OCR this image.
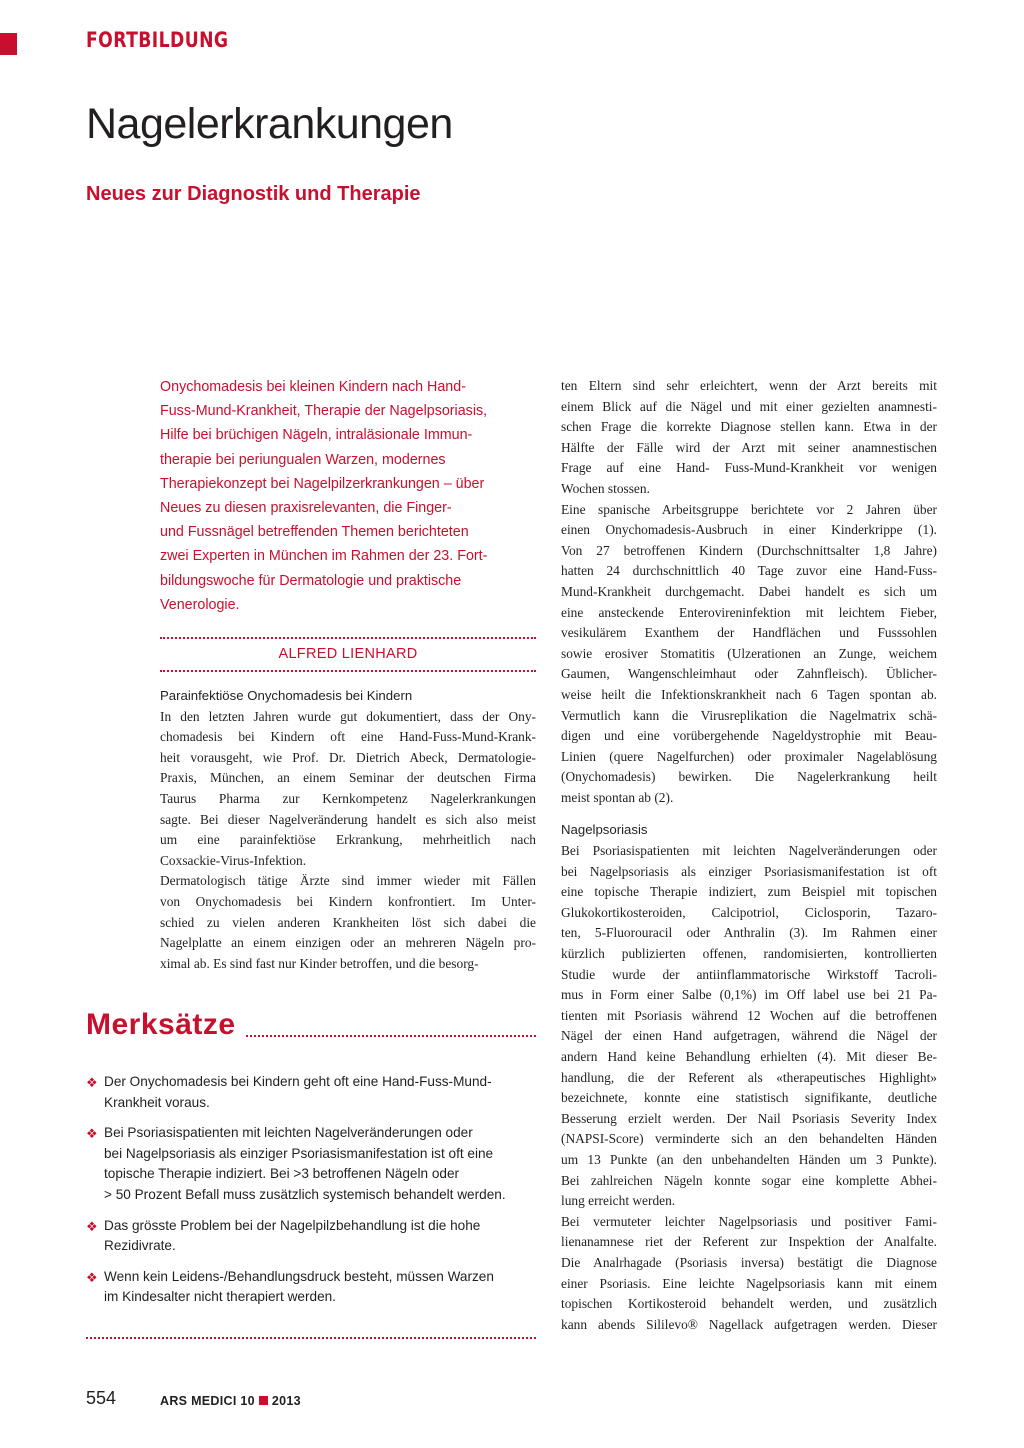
FORTBILDUNG
Nagelerkrankungen
Neues zur Diagnostik und Therapie
Onychomadesis bei kleinen Kindern nach Hand-
Fuss-Mund-Krankheit, Therapie der Nagelpsoriasis,
Hilfe bei brüchigen Nägeln, intraläsionale Immun-
therapie bei periungualen Warzen, modernes
Therapiekonzept bei Nagelpilzerkrankungen – über
Neues zu diesen praxisrelevanten, die Finger-
und Fussnägel betreffenden Themen berichteten
zwei Experten in München im Rahmen der 23. Fort-
bildungswoche für Dermatologie und praktische
Venerologie.
ALFRED LIENHARD
Parainfektiöse Onychomadesis bei Kindern
In den letzten Jahren wurde gut dokumentiert, dass der Ony-
chomadesis bei Kindern oft eine Hand-Fuss-Mund-Krank-
heit vorausgeht, wie Prof. Dr. Dietrich Abeck, Dermatologie-
Praxis, München, an einem Seminar der deutschen Firma
Taurus Pharma zur Kernkompetenz Nagelerkrankungen
sagte. Bei dieser Nagelveränderung handelt es sich also meist
um eine parainfektiöse Erkrankung, mehrheitlich nach
Coxsackie-Virus-Infektion.
Dermatologisch tätige Ärzte sind immer wieder mit Fällen
von Onychomadesis bei Kindern konfrontiert. Im Unter-
schied zu vielen anderen Krankheiten löst sich dabei die
Nagelplatte an einem einzigen oder an mehreren Nägeln pro-
ximal ab. Es sind fast nur Kinder betroffen, und die besorg-
ten Eltern sind sehr erleichtert, wenn der Arzt bereits mit
einem Blick auf die Nägel und mit einer gezielten anamnesti-
schen Frage die korrekte Diagnose stellen kann. Etwa in der
Hälfte der Fälle wird der Arzt mit seiner anamnestischen
Frage auf eine Hand- Fuss-Mund-Krankheit vor wenigen
Wochen stossen.
Eine spanische Arbeitsgruppe berichtete vor 2 Jahren über
einen Onychomadesis-Ausbruch in einer Kinderkrippe (1).
Von 27 betroffenen Kindern (Durchschnittsalter 1,8 Jahre)
hatten 24 durchschnittlich 40 Tage zuvor eine Hand-Fuss-
Mund-Krankheit durchgemacht. Dabei handelt es sich um
eine ansteckende Enterovireninfektion mit leichtem Fieber,
vesikulärem Exanthem der Handflächen und Fusssohlen
sowie erosiver Stomatitis (Ulzerationen an Zunge, weichem
Gaumen, Wangenschleimhaut oder Zahnfleisch). Üblicher-
weise heilt die Infektionskrankheit nach 6 Tagen spontan ab.
Vermutlich kann die Virusreplikation die Nagelmatrix schä-
digen und eine vorübergehende Nageldystrophie mit Beau-
Linien (quere Nagelfurchen) oder proximaler Nagelablösung
(Onychomadesis) bewirken. Die Nagelerkrankung heilt
meist spontan ab (2).
Nagelpsoriasis
Bei Psoriasispatienten mit leichten Nagelveränderungen oder
bei Nagelpsoriasis als einziger Psoriasismanifestation ist oft
eine topische Therapie indiziert, zum Beispiel mit topischen
Glukokortikosteroiden, Calcipotriol, Ciclosporin, Tazaro-
ten, 5-Fluorouracil oder Anthralin (3). Im Rahmen einer
kürzlich publizierten offenen, randomisierten, kontrollierten
Studie wurde der antiinflammatorische Wirkstoff Tacroli-
mus in Form einer Salbe (0,1%) im Off label use bei 21 Pa-
tienten mit Psoriasis während 12 Wochen auf die betroffenen
Nägel der einen Hand aufgetragen, während die Nägel der
andern Hand keine Behandlung erhielten (4). Mit dieser Be-
handlung, die der Referent als «therapeutisches Highlight»
bezeichnete, konnte eine statistisch signifikante, deutliche
Besserung erzielt werden. Der Nail Psoriasis Severity Index
(NAPSI-Score) verminderte sich an den behandelten Händen
um 13 Punkte (an den unbehandelten Händen um 3 Punkte).
Bei zahlreichen Nägeln konnte sogar eine komplette Abhei-
lung erreicht werden.
Bei vermuteter leichter Nagelpsoriasis und positiver Fami-
lienanamnese riet der Referent zur Inspektion der Analfalte.
Die Analrhagade (Psoriasis inversa) bestätigt die Diagnose
einer Psoriasis. Eine leichte Nagelpsoriasis kann mit einem
topischen Kortikosteroid behandelt werden, und zusätzlich
kann abends Sililevo® Nagellack aufgetragen werden. Dieser
Merksätze
❖ Der Onychomadesis bei Kindern geht oft eine Hand-Fuss-Mund-
Krankheit voraus.
❖ Bei Psoriasispatienten mit leichten Nagelveränderungen oder
bei Nagelpsoriasis als einziger Psoriasismanifestation ist oft eine
topische Therapie indiziert. Bei >3 betroffenen Nägeln oder
> 50 Prozent Befall muss zusätzlich systemisch behandelt werden.
❖ Das grösste Problem bei der Nagelpilzbehandlung ist die hohe
Rezidivrate.
❖ Wenn kein Leidens-/Behandlungsdruck besteht, müssen Warzen
im Kindesalter nicht therapiert werden.
554	ARS MEDICI 10 2013
